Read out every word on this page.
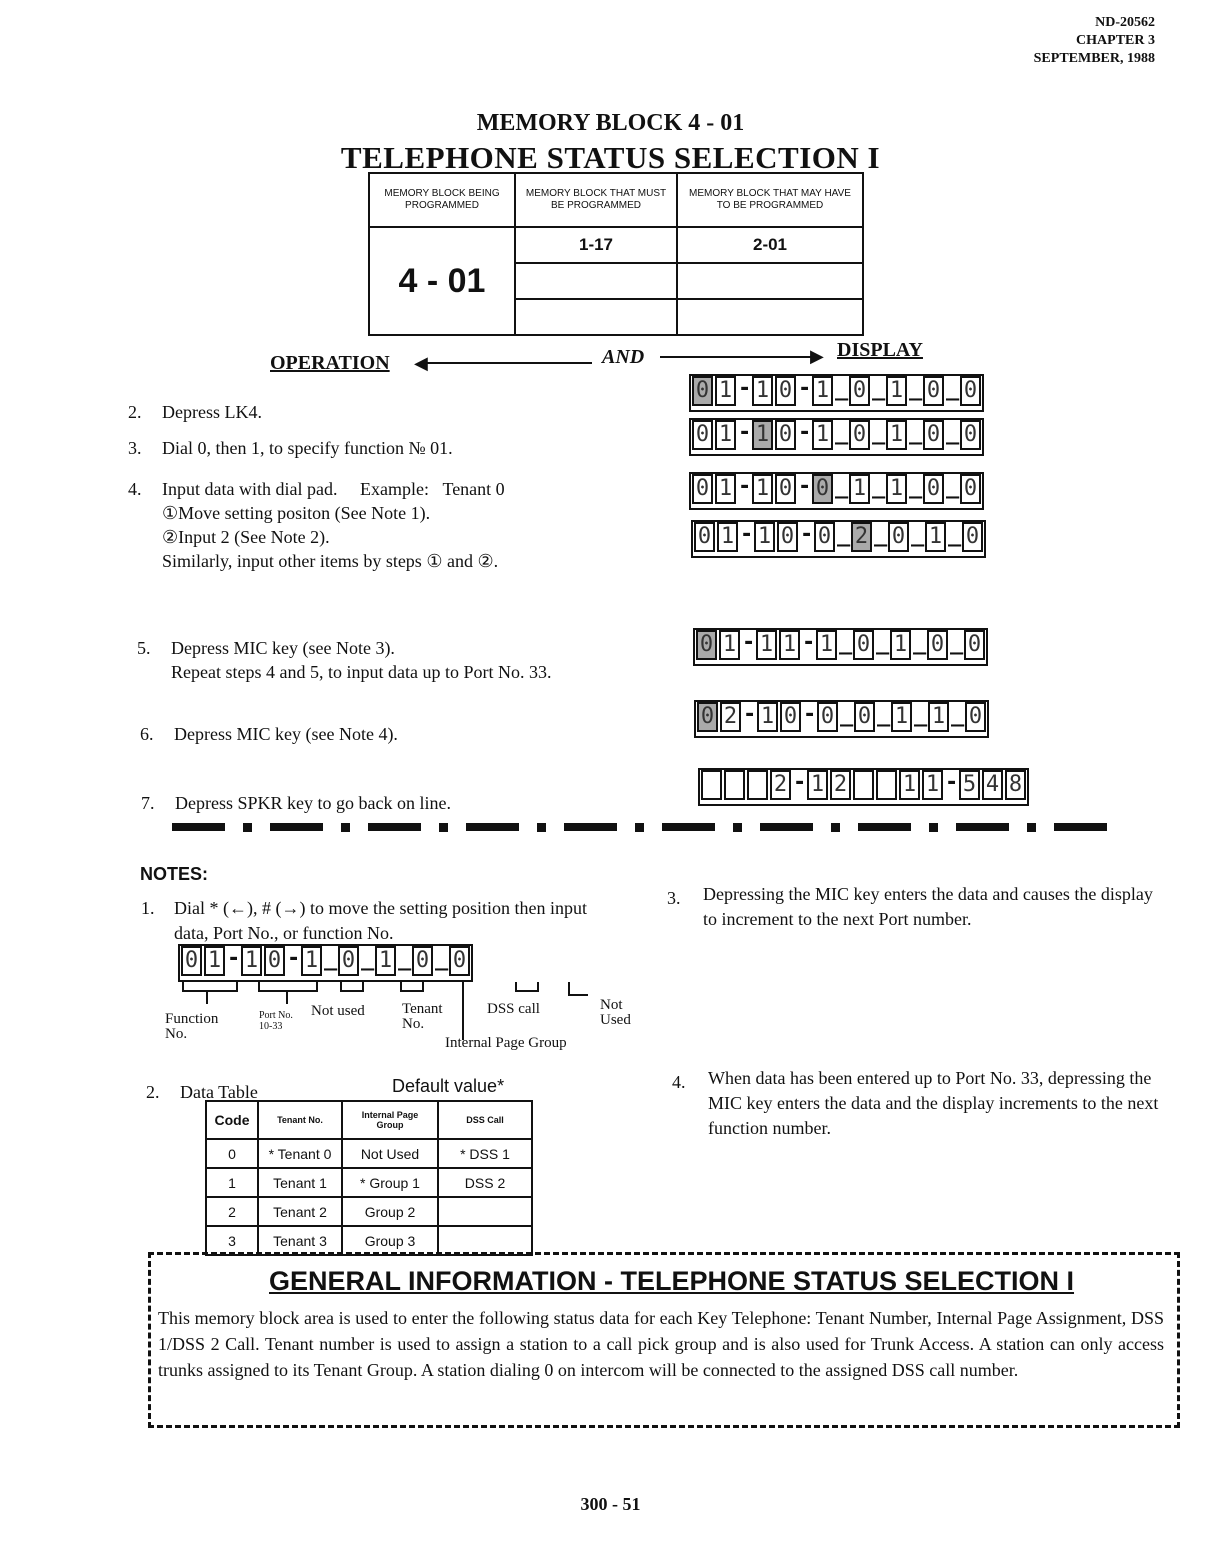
ND-20562
CHAPTER 3
SEPTEMBER, 1988
MEMORY BLOCK 4 - 01
TELEPHONE STATUS SELECTION I
MEMORY BLOCK BEING PROGRAMMED	MEMORY BLOCK THAT MUST BE PROGRAMMED	MEMORY BLOCK THAT MAY HAVE TO BE PROGRAMMED
4 - 01	1-17	2-01

OPERATION ◀	AND	▶ DISPLAY
2. Depress LK4.
3. Dial 0, then 1, to specify function № 01.
4. Input data with dial pad. Example: Tenant 0
①Move setting positon (See Note 1).
②Input 2 (See Note 2).
Similarly, input other items by steps ① and ②.
5. Depress MIC key (see Note 3).
Repeat steps 4 and 5, to input data up to Port No. 33.
6. Depress MIC key (see Note 4).
7. Depress SPKR key to go back on line.
0 1 - 1 0 - 1 _ 0 _ 1 _ 0 _ 0
0 1 - 1 0 - 1 _ 0 _ 1 _ 0 _ 0
0 1 - 1 0 - 0 _ 1 _ 1 _ 0 _ 0
0 1 - 1 0 - 0 _ 2 _ 0 _ 1 _ 0
0 1 - 1 1 - 1 _ 0 _ 1 _ 0 _ 0
0 2 - 1 0 - 0 _ 0 _ 1 _ 1 _ 0
2 - 1 2	1 1 - 5 4 8
NOTES:
1. Dial * (←), # (→) to move the setting position then input data, Port No., or function No.
0 1 - 1 0 - 1 _ 0 _ 1 _ 0 _ 0
Function No.
Port No. 10-33
Not used Tenant No.
DSS call	Not Used
Internal Page Group
2. Data Table	Default value*
Code	Tenant No.	Internal Page Group	DSS Call
0	* Tenant 0	Not Used	* DSS 1
1	Tenant 1	* Group 1	DSS 2
2	Tenant 2	Group 2	
3	Tenant 3	Group 3	
3. Depressing the MIC key enters the data and causes the display to increment to the next Port number.
4. When data has been entered up to Port No. 33, depressing the MIC key enters the data and the display increments to the next function number.
GENERAL INFORMATION - TELEPHONE STATUS SELECTION I
This memory block area is used to enter the following status data for each Key Telephone: Tenant Number, Internal Page Assignment, DSS 1/DSS 2 Call. Tenant number is used to assign a station to a call pick group and is also used for Trunk Access. A station can only access trunks assigned to its Tenant Group. A station dialing 0 on intercom will be connected to the assigned DSS call number.
300 - 51
